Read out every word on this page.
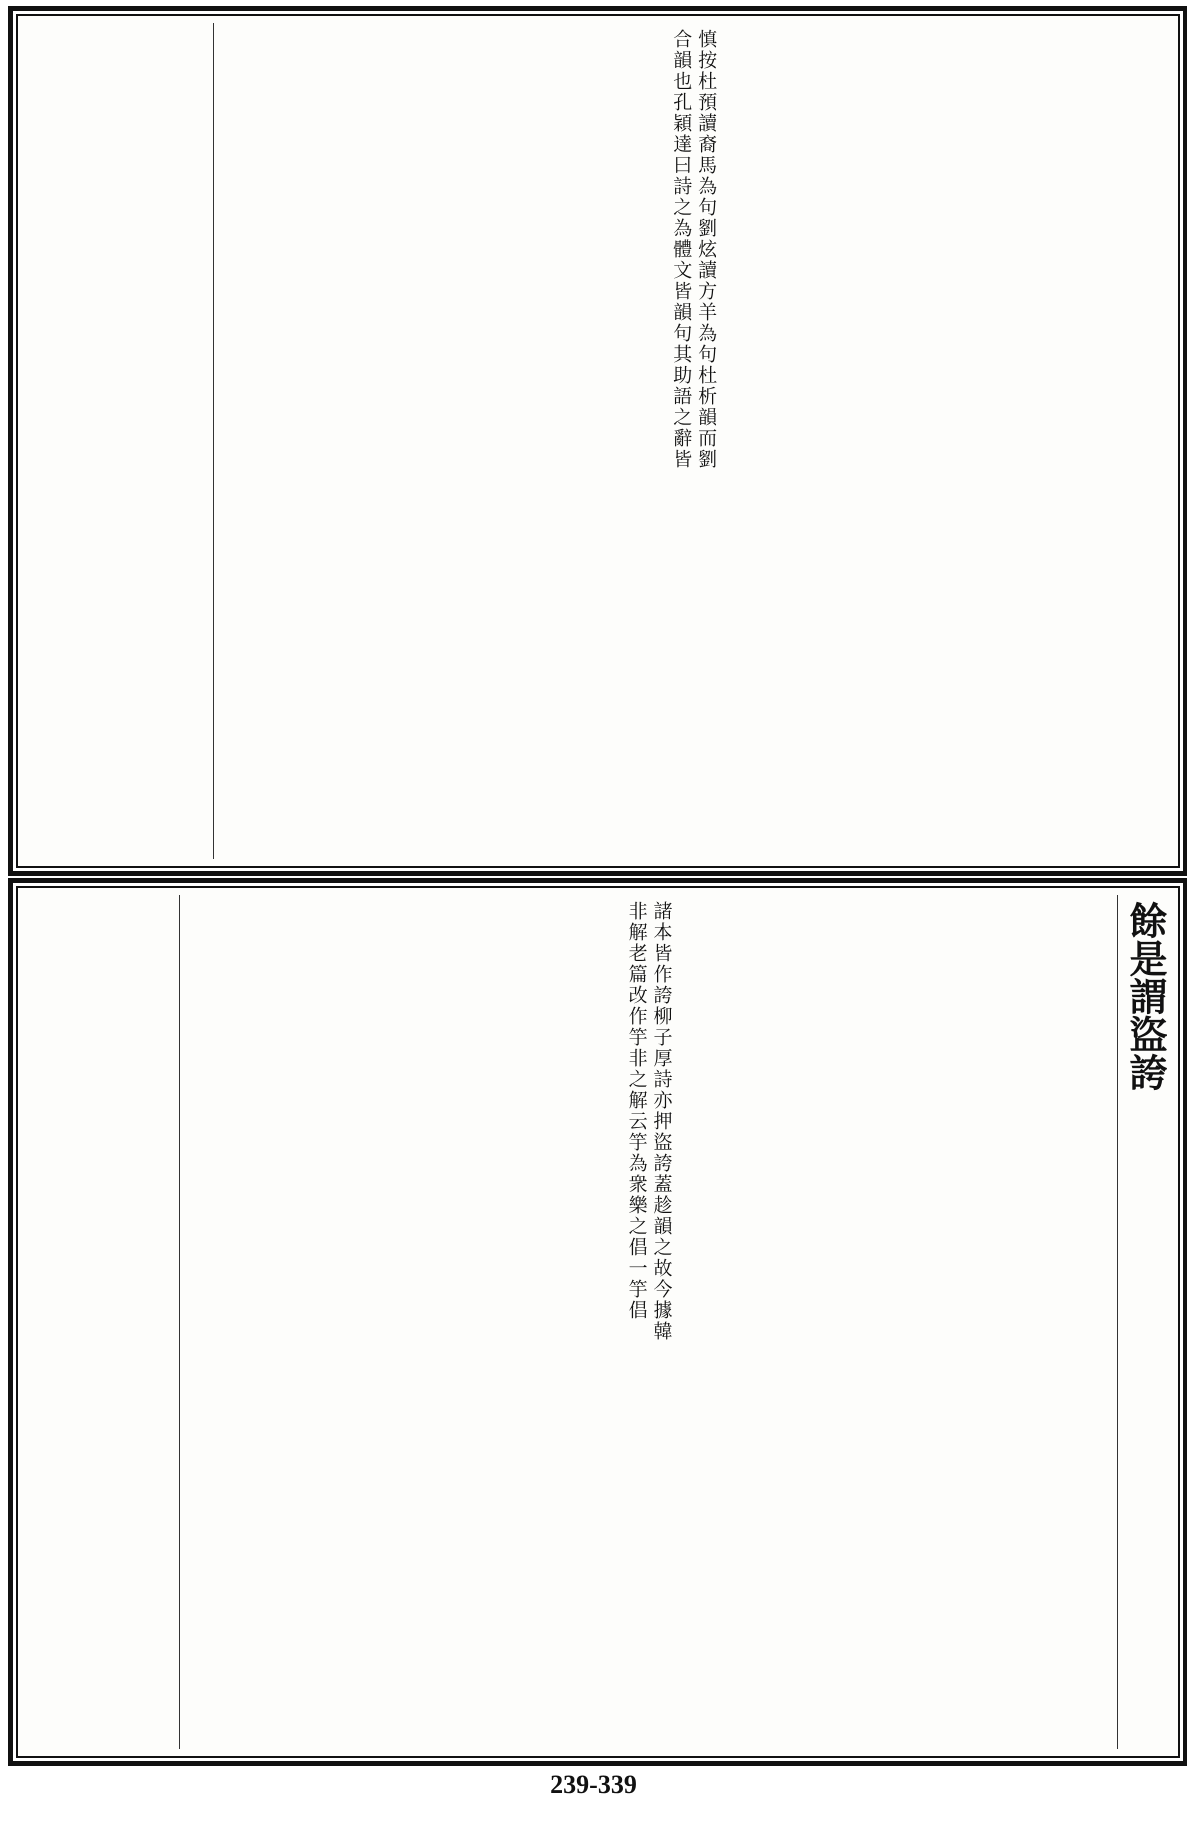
慎按杜預讀裔馬為句劉炫讀方羊為句杜析韻而劉
合韻也孔穎達曰詩之為體文皆韻句其助語之辭皆
餘是謂盜誇
諸本皆作誇柳子厚詩亦押盜誇蓋趁韻之故今據韓
非解老篇改作竽非之解云竽為衆樂之倡一竽倡
239-339
